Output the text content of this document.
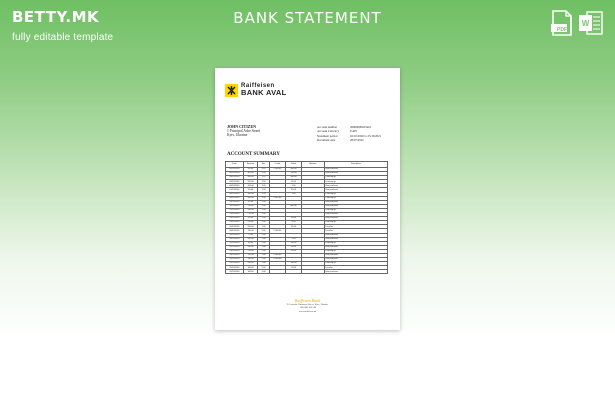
BETTY.MK
fully editable template
BANK STATEMENT
PDF
W
Raiffeisen
BANK AVAL
JOHN CITIZEN
1 Principal Ashe Street
Kyiv, Ukraine
Account number	26000000023416
Account Currency	UAH
Statement period	02/10/2020 to 25/10/2021
Document date	28/07/2022
ACCOUNT SUMMARY
Date	Amount	Fee	Credit	Debit	Balance	Description
02/10/2020	85.00	1.25	1.000.00	200.00		Visa purchase
02/10/2020	100.00	1.00		110.00		Visa purchase
03/10/2020	350.00	1.25		200.00		Card top up
05/10/2020	200.00	1.50		15.00		Card top up
06/10/2020	100.00	1.00		1.00		Visa purchase
07/10/2020	60.00	1.00		30.00		Visa purchase
08/10/2020	140.00	1.50		1.00		Card top up
09/10/2020	200.00	1.00	2.095.00			Card top up
10/10/2020	65.00	1.00				Visa purchase
11/10/2020	170.00	1.00		600.00		Visa purchase
12/10/2020	150.00	1.00				Card top up
13/10/2020	770.00	1.00				Visa purchase
14/10/2020	65.00	1.00		10.00		Visa purchase
15/10/2020	250.00	1.00		5.00		Card top up
16/10/2020	285.00	1.00		35.00		Transfer
18/10/2020	110.00	1.00	1,000.00			Transfer
19/10/2020	75.00	1.00				Visa purchase
20/10/2020	150.00	1.00		5.00		Visa purchase
22/10/2020	80.00	1.00		110.00		Card top up
22/10/2020	110.00	1.00		10.00		Visa purchase
23/10/2020	750.00	1.00		10.00		Card top up
24/10/2020	115.00	1.00	1,000.00			Visa purchase
25/10/2020	110.00	1.00	1,000.00			Visa purchase
25/10/2020	130.00	1.00		110.00		Card top up
25/10/2020	160.00	1.00		10.00		Transfer
25/10/2020	100.00	1.00				Visa purchase
Raiffeisen Bank
9 Generala Almazova Street, Kyiv, Ukraine
+380 800 500 500
www.raiffeisen.ua
